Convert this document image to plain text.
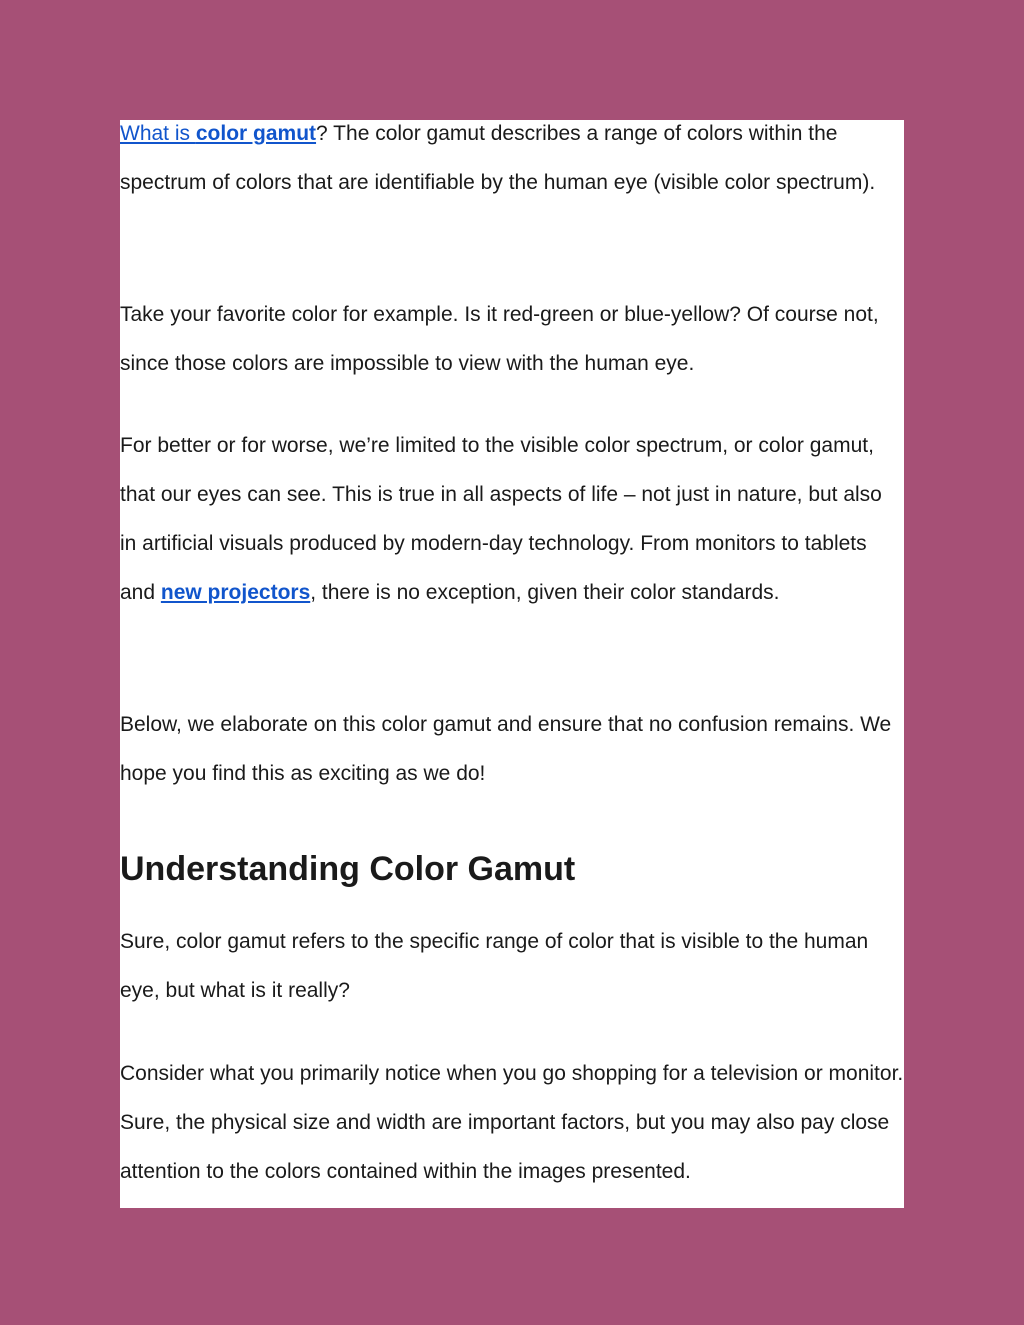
What is color gamut? The color gamut describes a range of colors within the spectrum of colors that are identifiable by the human eye (visible color spectrum).

Take your favorite color for example. Is it red-green or blue-yellow? Of course not, since those colors are impossible to view with the human eye.

For better or for worse, we’re limited to the visible color spectrum, or color gamut, that our eyes can see. This is true in all aspects of life – not just in nature, but also in artificial visuals produced by modern-day technology. From monitors to tablets and new projectors, there is no exception, given their color standards.

Below, we elaborate on this color gamut and ensure that no confusion remains. We hope you find this as exciting as we do!

Understanding Color Gamut

Sure, color gamut refers to the specific range of color that is visible to the human eye, but what is it really?

Consider what you primarily notice when you go shopping for a television or monitor. Sure, the physical size and width are important factors, but you may also pay close attention to the colors contained within the images presented.
